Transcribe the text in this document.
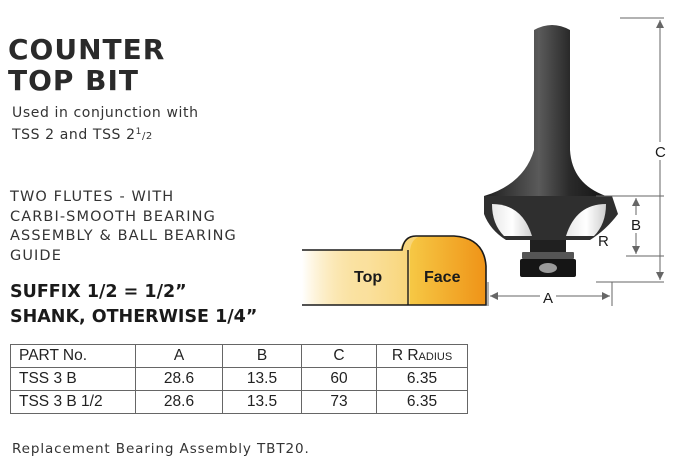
COUNTER
TOP BIT
Used in conjunction with
TSS 2 and TSS $2^1/2$
TWO FLUTES - WITH
CARBI-SMOOTH BEARING
ASSEMBLY & BALL BEARING
GUIDE
SUFFIX 1/2 = 1/2”
SHANK, OTHERWISE 1/4”
Top	Face
C
B
R
A
PART No.	A	B	C	R Radius
TSS 3 B	28.6	13.5	60	6.35
TSS 3 B 1/2	28.6	13.5	73	6.35
Replacement Bearing Assembly TBT20.
